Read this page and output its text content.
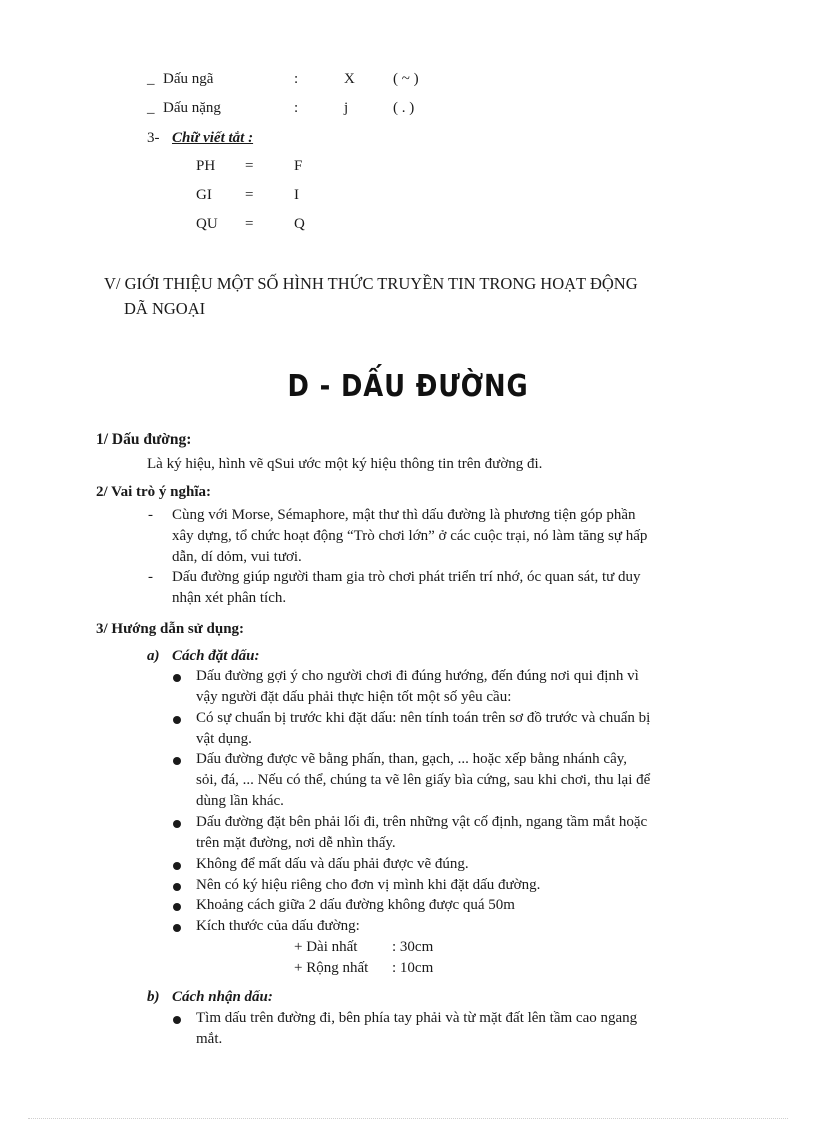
_ Dấu ngã	:	X	( ~ )
_ Dấu nặng	:	j	( . )
3- Chữ viết tắt :
PH =	F
GI =	I
QU =	Q
V/ GIỚI THIỆU MỘT SỐ HÌNH THỨC TRUYỀN TIN TRONG HOẠT ĐỘNG
DÃ NGOẠI
D - DẤU ĐƯỜNG
1/ Dấu đường:
Là ký hiệu, hình vẽ qSui ước một ký hiệu thông tin trên đường đi.
2/ Vai trò ý nghĩa:
- Cùng với Morse, Sémaphore, mật thư thì dấu đường là phương tiện góp phần
xây dựng, tổ chức hoạt động “Trò chơi lớn” ở các cuộc trại, nó làm tăng sự hấp
dẫn, dí dỏm, vui tươi.
- Dấu đường giúp người tham gia trò chơi phát triển trí nhớ, óc quan sát, tư duy
nhận xét phân tích.
3/ Hướng dẫn sử dụng:
a) Cách đặt dấu:
Dấu đường gợi ý cho người chơi đi đúng hướng, đến đúng nơi qui định vì
vậy người đặt dấu phải thực hiện tốt một số yêu cầu:
Có sự chuẩn bị trước khi đặt dấu: nên tính toán trên sơ đồ trước và chuẩn bị
vật dụng.
Dấu đường được vẽ bằng phấn, than, gạch, ... hoặc xếp bằng nhánh cây,
sỏi, đá, ... Nếu có thể, chúng ta vẽ lên giấy bìa cứng, sau khi chơi, thu lại để
dùng lần khác.
Dấu đường đặt bên phải lối đi, trên những vật cố định, ngang tầm mắt hoặc
trên mặt đường, nơi dễ nhìn thấy.
Không để mất dấu và dấu phải được vẽ đúng.
Nên có ký hiệu riêng cho đơn vị mình khi đặt dấu đường.
Khoảng cách giữa 2 dấu đường không được quá 50m
Kích thước của dấu đường:
+ Dài nhất : 30cm
+ Rộng nhất : 10cm
b) Cách nhận dấu:
Tìm dấu trên đường đi, bên phía tay phải và từ mặt đất lên tầm cao ngang
mắt.
